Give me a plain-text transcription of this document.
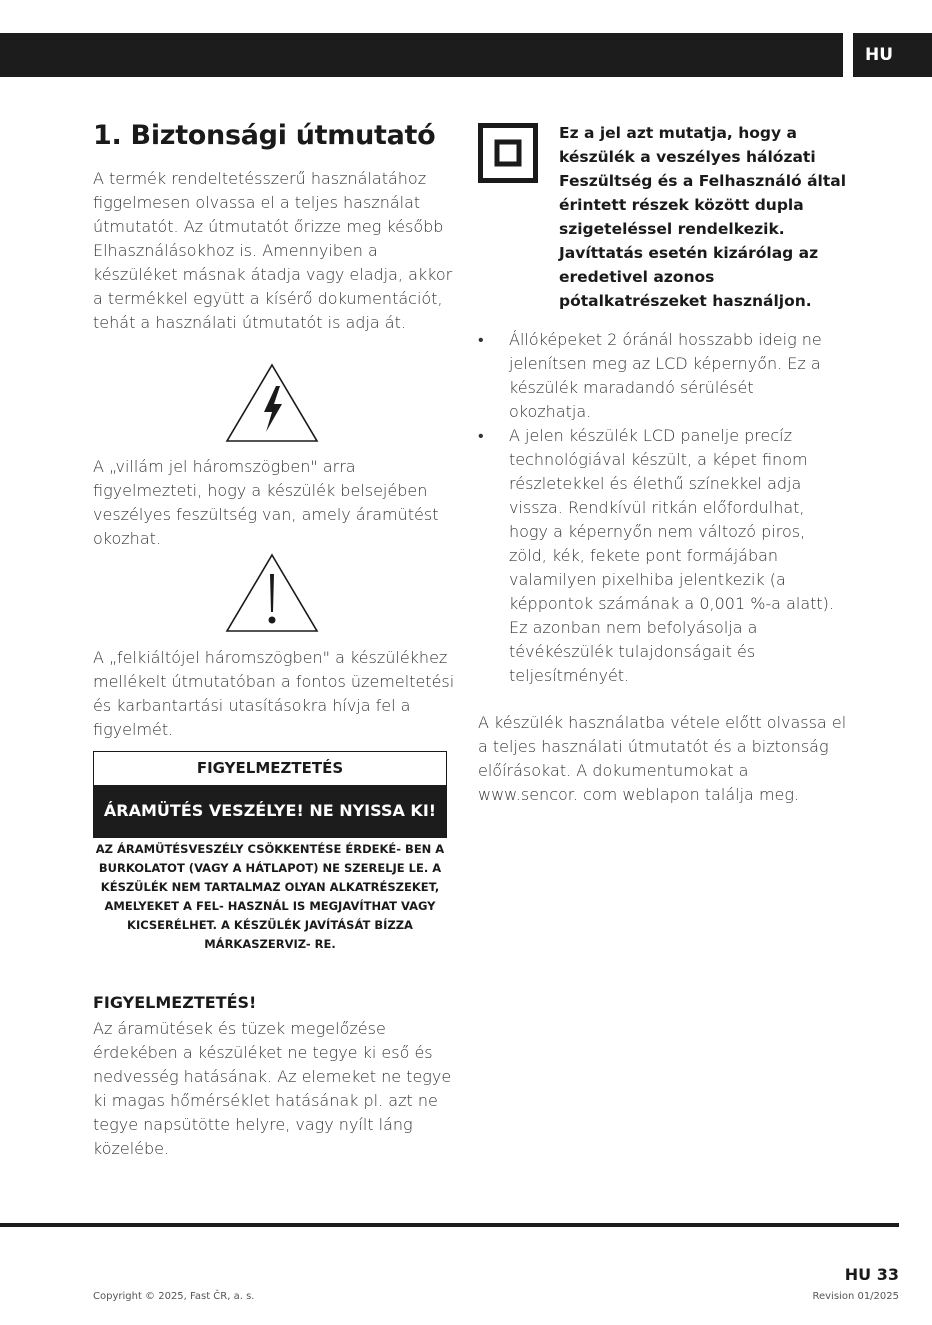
HU
1. Biztonsági útmutató

A termék rendeltetésszerű használatához figgelmesen olvassa el a teljes használat útmutatót. Az útmutatót őrizze meg később Elhasználásokhoz is. Amennyiben a készüléket másnak átadja vagy eladja, akkor a termékkel együtt a kísérő dokumentációt, tehát a használati útmutatót is adja át.

A „villám jel háromszögben" arra figyelmezteti, hogy a készülék belsejében veszélyes feszültség van, amely áramütést okozhat.

A „felkiáltójel háromszögben" a készülékhez mellékelt útmutatóban a fontos üzemeltetési és karbantartási utasításokra hívja fel a figyelmét.

FIGYELMEZTETÉS
ÁRAMÜTÉS VESZÉLYE! NE NYISSA KI!

AZ ÁRAMÜTÉSVESZÉLY CSÖKKENTÉSE ÉRDEKÉ- BEN A BURKOLATOT (VAGY A HÁTLAPOT) NE SZERELJE LE. A KÉSZÜLÉK NEM TARTALMAZ OLYAN ALKATRÉSZEKET, AMELYEKET A FEL- HASZNÁL IS MEGJAVÍTHAT VAGY KICSERÉLHET. A KÉSZÜLÉK JAVÍTÁSÁT BÍZZA MÁRKASZERVIZ- RE.

FIGYELMEZTETÉS!

Az áramütések és tüzek megelőzése érdekében a készüléket ne tegye ki eső és nedvesség hatásának. Az elemeket ne tegye ki magas hőmérséklet hatásának pl. azt ne tegye napsütötte helyre, vagy nyílt láng közelébe.

Ez a jel azt mutatja, hogy a készülék a veszélyes hálózati Feszültség és a Felhasználó által érintett részek között dupla szigeteléssel rendelkezik. Javíttatás esetén kizárólag az eredetivel azonos pótalkatrészeket használjon.

• Állóképeket 2 óránál hosszabb ideig ne jelenítsen meg az LCD képernyőn. Ez a készülék maradandó sérülését okozhatja.
• A jelen készülék LCD panelje precíz technológiával készült, a képet finom részletekkel és élethű színekkel adja vissza. Rendkívül ritkán előfordulhat, hogy a képernyőn nem változó piros, zöld, kék, fekete pont formájában valamilyen pixelhiba jelentkezik (a képpontok számának a 0,001 %-a alatt). Ez azonban nem befolyásolja a tévékészülék tulajdonságait és teljesítményét.

A készülék használatba vétele előtt olvassa el a teljes használati útmutatót és a biztonság előírásokat. A dokumentumokat a www.sencor. com weblapon találja meg.

HU 33
Copyright © 2025, Fast ČR, a. s.	Revision 01/2025
